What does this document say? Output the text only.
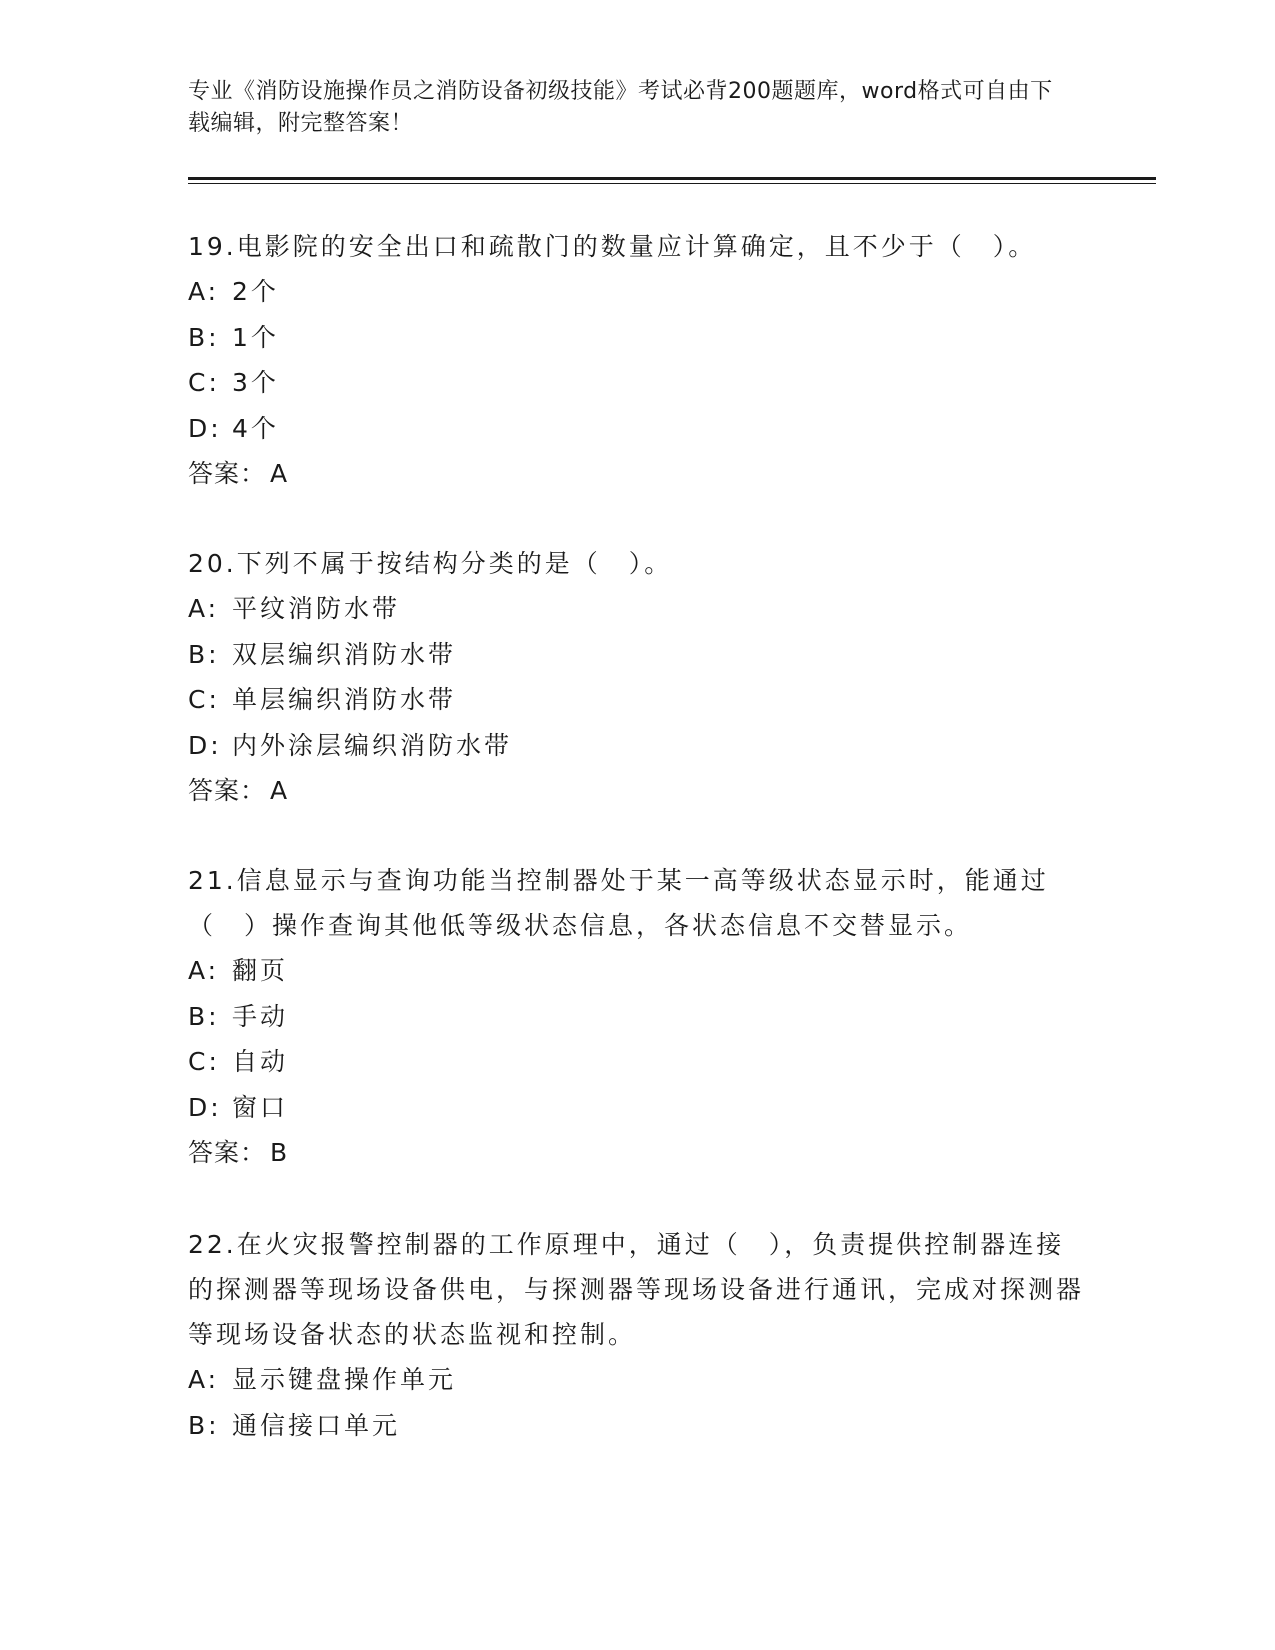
专业《消防设施操作员之消防设备初级技能》考试必背200题题库，word格式可自由下载编辑，附完整答案！

19.电影院的安全出口和疏散门的数量应计算确定，且不少于（　）。

A: 2个

B: 1个

C: 3个

D: 4个

答案： A

20.下列不属于按结构分类的是（　）。

A: 平纹消防水带

B: 双层编织消防水带

C: 单层编织消防水带

D: 内外涂层编织消防水带

答案： A

21.信息显示与查询功能当控制器处于某一高等级状态显示时，能通过（　）操作查询其他低等级状态信息，各状态信息不交替显示。

A: 翻页

B: 手动

C: 自动

D: 窗口

答案： B

22.在火灾报警控制器的工作原理中，通过（　），负责提供控制器连接的探测器等现场设备供电，与探测器等现场设备进行通讯，完成对探测器等现场设备状态的状态监视和控制。

A: 显示键盘操作单元

B: 通信接口单元
